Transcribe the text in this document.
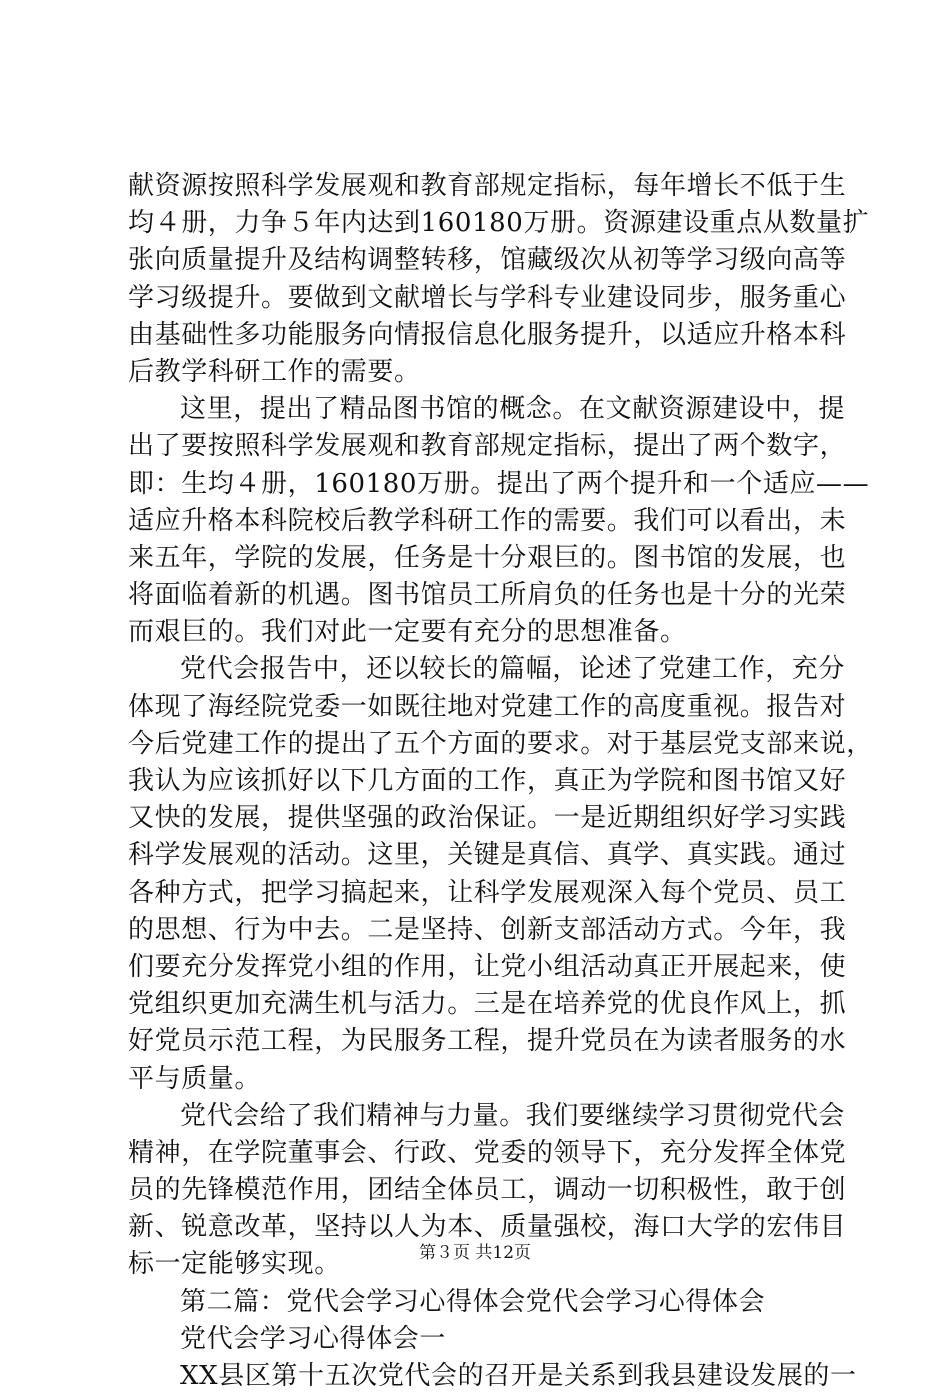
献资源按照科学发展观和教育部规定指标，每年增长不低于生
均４册，力争５年内达到160180万册。资源建设重点从数量扩
张向质量提升及结构调整转移，馆藏级次从初等学习级向高等
学习级提升。要做到文献增长与学科专业建设同步，服务重心
由基础性多功能服务向情报信息化服务提升，以适应升格本科
后教学科研工作的需要。
这里，提出了精品图书馆的概念。在文献资源建设中，提
出了要按照科学发展观和教育部规定指标，提出了两个数字，
即：生均４册，160180万册。提出了两个提升和一个适应——
适应升格本科院校后教学科研工作的需要。我们可以看出，未
来五年，学院的发展，任务是十分艰巨的。图书馆的发展，也
将面临着新的机遇。图书馆员工所肩负的任务也是十分的光荣
而艰巨的。我们对此一定要有充分的思想准备。
党代会报告中，还以较长的篇幅，论述了党建工作，充分
体现了海经院党委一如既往地对党建工作的高度重视。报告对
今后党建工作的提出了五个方面的要求。对于基层党支部来说，
我认为应该抓好以下几方面的工作，真正为学院和图书馆又好
又快的发展，提供坚强的政治保证。一是近期组织好学习实践
科学发展观的活动。这里，关键是真信、真学、真实践。通过
各种方式，把学习搞起来，让科学发展观深入每个党员、员工
的思想、行为中去。二是坚持、创新支部活动方式。今年，我
们要充分发挥党小组的作用，让党小组活动真正开展起来，使
党组织更加充满生机与活力。三是在培养党的优良作风上，抓
好党员示范工程，为民服务工程，提升党员在为读者服务的水
平与质量。
党代会给了我们精神与力量。我们要继续学习贯彻党代会
精神，在学院董事会、行政、党委的领导下，充分发挥全体党
员的先锋模范作用，团结全体员工，调动一切积极性，敢于创
新、锐意改革，坚持以人为本、质量强校，海口大学的宏伟目
标一定能够实现。
第二篇：党代会学习心得体会党代会学习心得体会
党代会学习心得体会一
XX县区第十五次党代会的召开是关系到我县建设发展的一
第３页 共12页
